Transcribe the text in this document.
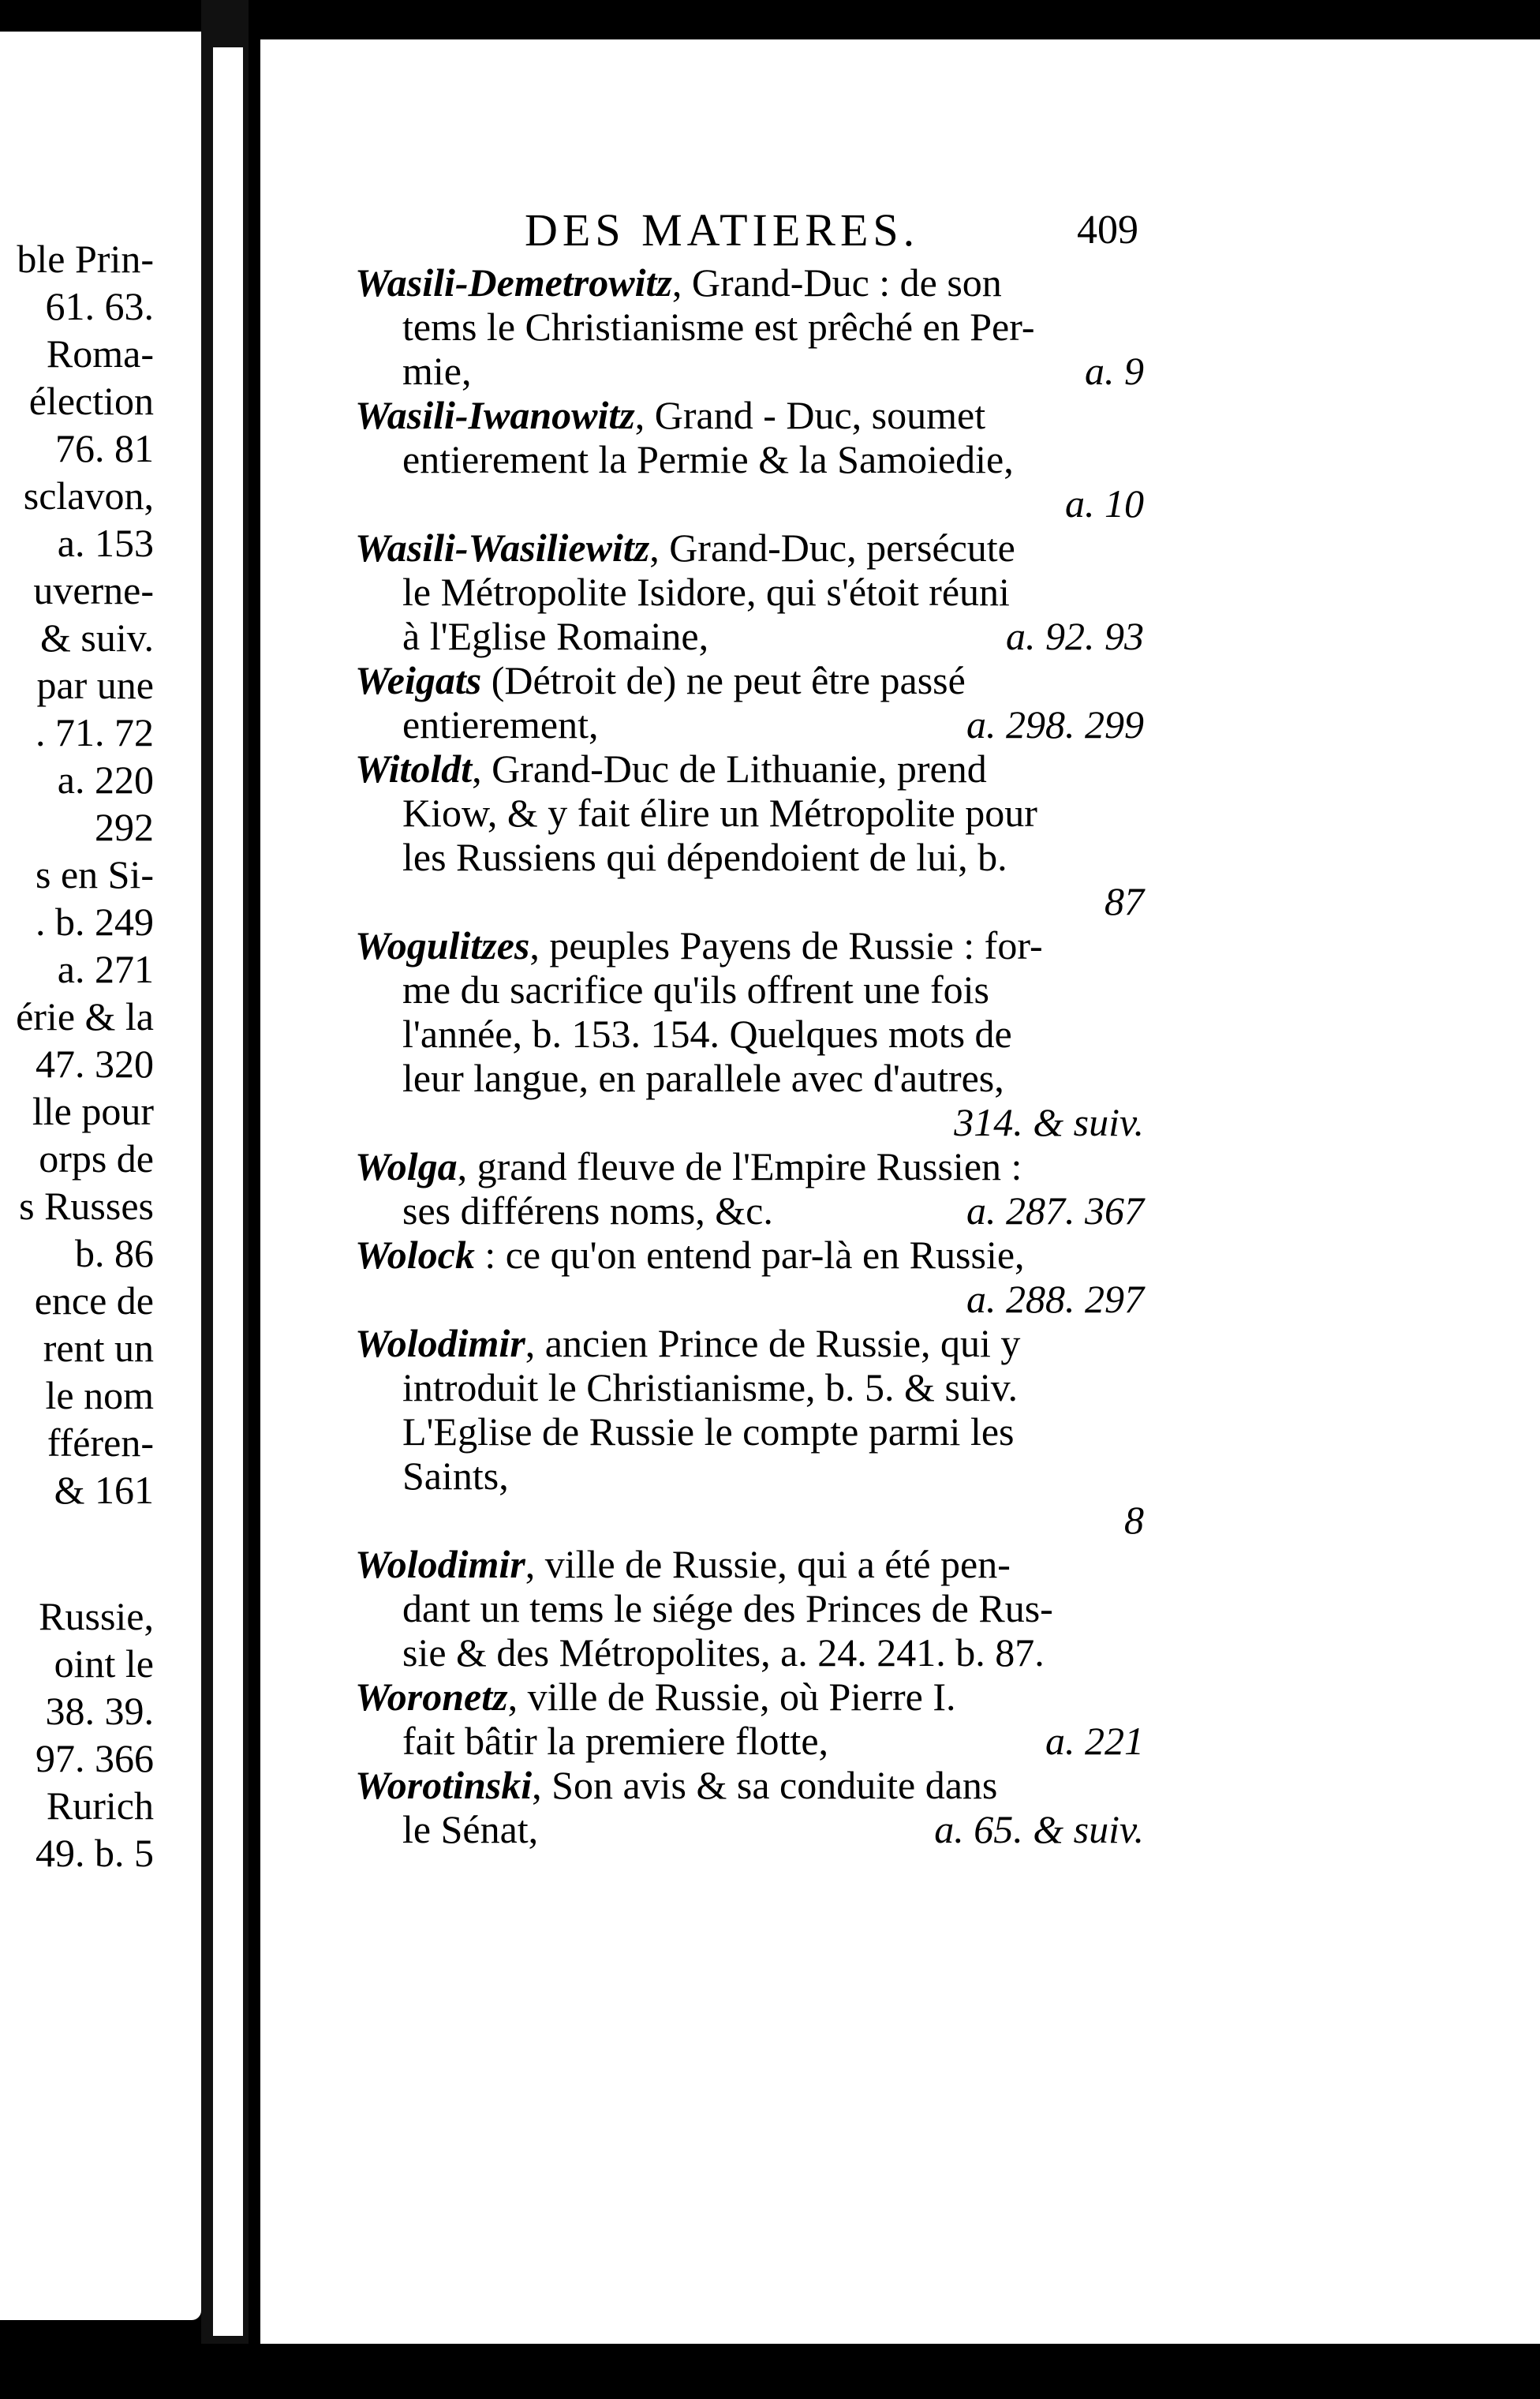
ble Prin-
61. 63.
Roma-
élection
76. 81
sclavon,
a. 153
uverne-
& suiv.
par une
. 71. 72
a. 220
292
s en Si-
. b. 249
a. 271
érie & la
47. 320
lle pour
orps de
s Russes
b. 86
ence de
rent un
le nom
fféren-
& 161
Russie,
oint le
38. 39.
97. 366
Rurich
49. b. 5
DES MATIERES.	409
Wasili-Demetrowitz, Grand-Duc : de son
tems le Christianisme est prêché en Per-
mie,	a. 9
Wasili-Iwanowitz, Grand - Duc, soumet
entierement la Permie & la Samoiedie,
a. 10
Wasili-Wasiliewitz, Grand-Duc, persécute
le Métropolite Isidore, qui s'étoit réuni
à l'Eglise Romaine,	a. 92. 93
Weigats (Détroit de) ne peut être passé
entierement,	a. 298. 299
Witoldt, Grand-Duc de Lithuanie, prend
Kiow, & y fait élire un Métropolite pour
les Russiens qui dépendoient de lui, b.
87
Wogulitzes, peuples Payens de Russie : for-
me du sacrifice qu'ils offrent une fois
l'année, b. 153. 154. Quelques mots de
leur langue, en parallele avec d'autres,
314. & suiv.
Wolga, grand fleuve de l'Empire Russien :
ses différens noms, &c.	a. 287. 367
Wolock : ce qu'on entend par-là en Russie,
a. 288. 297
Wolodimir, ancien Prince de Russie, qui y
introduit le Christianisme, b. 5. & suiv.
L'Eglise de Russie le compte parmi les
Saints,
8
Wolodimir, ville de Russie, qui a été pen-
dant un tems le siége des Princes de Rus-
sie & des Métropolites, a. 24. 241. b. 87.
Woronetz, ville de Russie, où Pierre I.
fait bâtir la premiere flotte,	a. 221
Worotinski, Son avis & sa conduite dans
le Sénat,	a. 65. & suiv.
